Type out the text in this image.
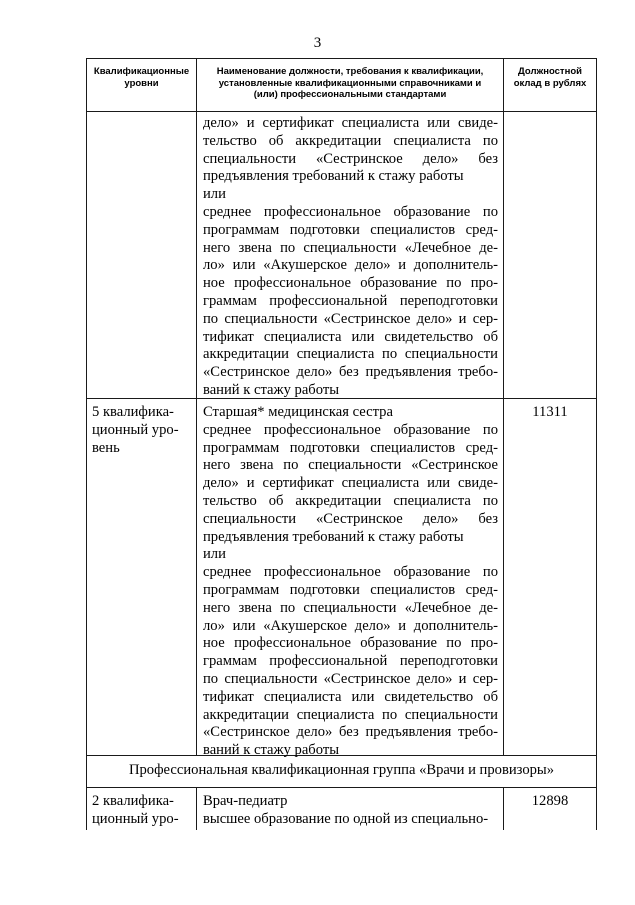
3
Квалификационные
уровни
Наименование должности, требования к квалификации,
установленные квалификационными справочниками и
(или) профессиональными стандартами
Должностной
оклад в рублях
дело» и сертификат специалиста или свиде-
тельство об аккредитации специалиста по
специальности «Сестринское дело» без
предъявления требований к стажу работы
или
среднее профессиональное образование по
программам подготовки специалистов сред-
него звена по специальности «Лечебное де-
ло» или «Акушерское дело» и дополнитель-
ное профессиональное образование по про-
граммам профессиональной переподготовки
по специальности «Сестринское дело» и сер-
тификат специалиста или свидетельство об
аккредитации специалиста по специальности
«Сестринское дело» без предъявления требо-
ваний к стажу работы
5 квалифика-
ционный уро-
вень
Старшая* медицинская сестра
среднее профессиональное образование по
программам подготовки специалистов сред-
него звена по специальности «Сестринское
дело» и сертификат специалиста или свиде-
тельство об аккредитации специалиста по
специальности «Сестринское дело» без
предъявления требований к стажу работы
или
среднее профессиональное образование по
программам подготовки специалистов сред-
него звена по специальности «Лечебное де-
ло» или «Акушерское дело» и дополнитель-
ное профессиональное образование по про-
граммам профессиональной переподготовки
по специальности «Сестринское дело» и сер-
тификат специалиста или свидетельство об
аккредитации специалиста по специальности
«Сестринское дело» без предъявления требо-
ваний к стажу работы
11311
Профессиональная квалификационная группа «Врачи и провизоры»
2 квалифика-
ционный уро-
Врач-педиатр
высшее образование по одной из специально-
12898
